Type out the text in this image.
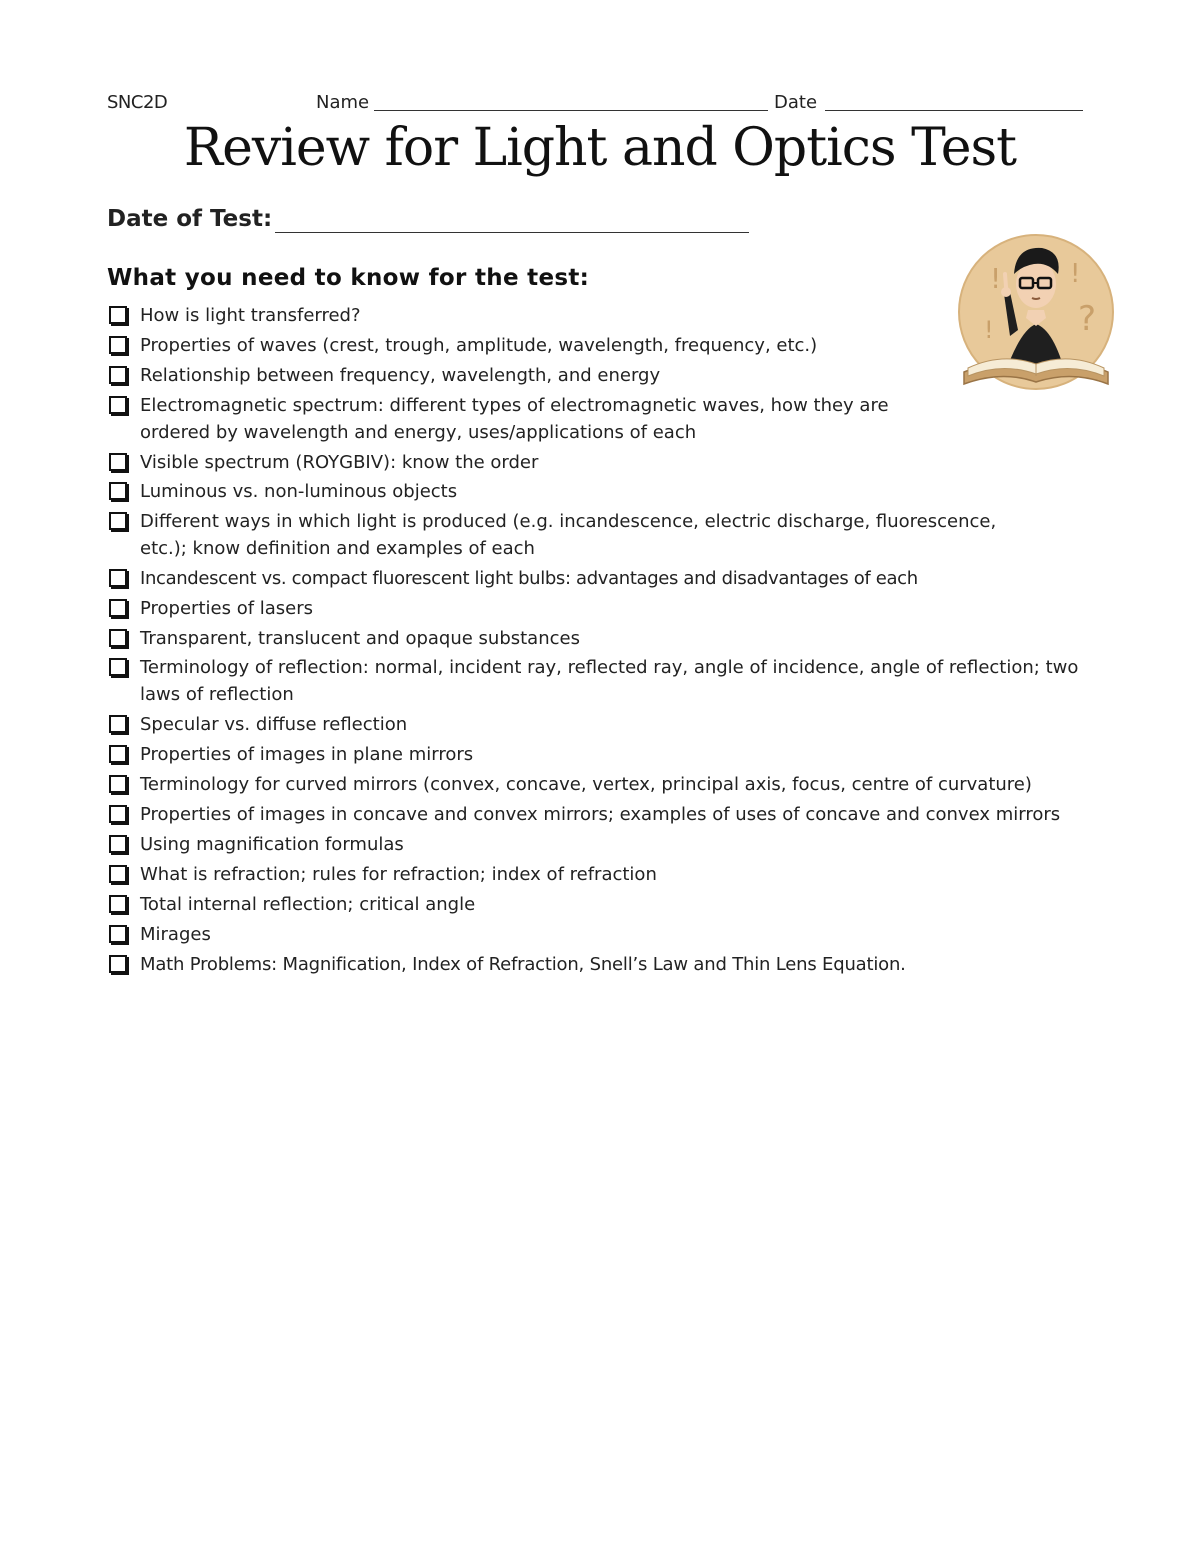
SNC2D	Name	Date
Review for Light and Optics Test
Date of Test:
What you need to know for the test:	!	!
?
!
How is light transferred?
Properties of waves (crest, trough, amplitude, wavelength, frequency, etc.)
Relationship between frequency, wavelength, and energy
Electromagnetic spectrum: different types of electromagnetic waves, how they are ordered by wavelength and energy, uses/applications of each
Visible spectrum (ROYGBIV): know the order
Luminous vs. non-luminous objects
Different ways in which light is produced (e.g. incandescence, electric discharge, fluorescence, etc.); know definition and examples of each
Incandescent vs. compact fluorescent light bulbs: advantages and disadvantages of each
Properties of lasers
Transparent, translucent and opaque substances
Terminology of reflection: normal, incident ray, reflected ray, angle of incidence, angle of reflection; two laws of reflection
Specular vs. diffuse reflection
Properties of images in plane mirrors
Terminology for curved mirrors (convex, concave, vertex, principal axis, focus, centre of curvature)
Properties of images in concave and convex mirrors; examples of uses of concave and convex mirrors
Using magnification formulas
What is refraction; rules for refraction; index of refraction
Total internal reflection; critical angle
Mirages
Math Problems: Magnification, Index of Refraction, Snell’s Law and Thin Lens Equation.
